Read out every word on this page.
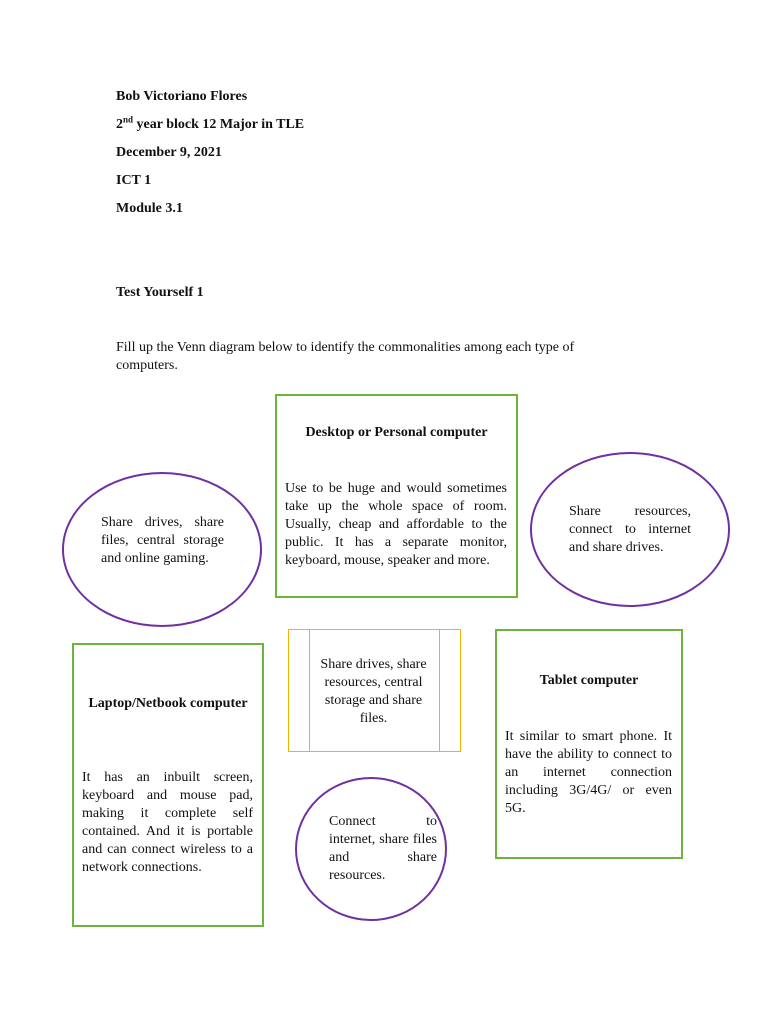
Bob Victoriano Flores
2nd year block 12 Major in TLE
December 9, 2021
ICT 1
Module 3.1
Test Yourself 1
Fill up the Venn diagram below to identify the commonalities among each type of computers.
Desktop or Personal computer
Use to be huge and would sometimes take up the whole space of room. Usually, cheap and affordable to the public. It has a separate monitor, keyboard, mouse, speaker and more.
Share drives, share files, central storage and online gaming.
Share resources, connect to internet and share drives.
Share drives, share resources, central storage and share files.
Laptop/Netbook computer
It has an inbuilt screen, keyboard and mouse pad, making it complete self contained. And it is portable and can connect wireless to a network connections.
Tablet computer
It similar to smart phone. It have the ability to connect to an internet connection including 3G/4G/ or even 5G.
Connect to internet, share files and share resources.
